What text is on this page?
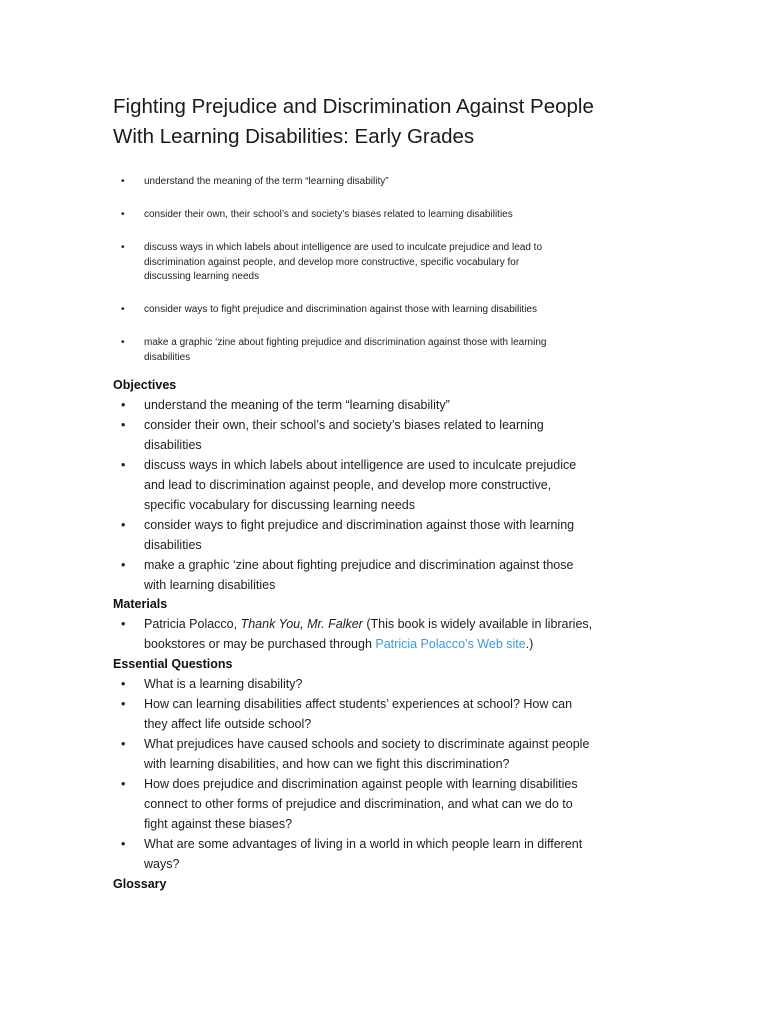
Fighting Prejudice and Discrimination Against People
With Learning Disabilities: Early Grades
• understand the meaning of the term “learning disability”
• consider their own, their school’s and society’s biases related to learning disabilities
• discuss ways in which labels about intelligence are used to inculcate prejudice and lead to
discrimination against people, and develop more constructive, specific vocabulary for
discussing learning needs
• consider ways to fight prejudice and discrimination against those with learning disabilities
• make a graphic ‘zine about fighting prejudice and discrimination against those with learning
disabilities
Objectives
• understand the meaning of the term “learning disability”
• consider their own, their school’s and society’s biases related to learning
disabilities
• discuss ways in which labels about intelligence are used to inculcate prejudice
and lead to discrimination against people, and develop more constructive,
specific vocabulary for discussing learning needs
• consider ways to fight prejudice and discrimination against those with learning
disabilities
• make a graphic ‘zine about fighting prejudice and discrimination against those
with learning disabilities
Materials
• Patricia Polacco, Thank You, Mr. Falker (This book is widely available in libraries,
bookstores or may be purchased through Patricia Polacco’s Web site.)
Essential Questions
• What is a learning disability?
• How can learning disabilities affect students’ experiences at school? How can
they affect life outside school?
• What prejudices have caused schools and society to discriminate against people
with learning disabilities, and how can we fight this discrimination?
• How does prejudice and discrimination against people with learning disabilities
connect to other forms of prejudice and discrimination, and what can we do to
fight against these biases?
• What are some advantages of living in a world in which people learn in different
ways?
Glossary
